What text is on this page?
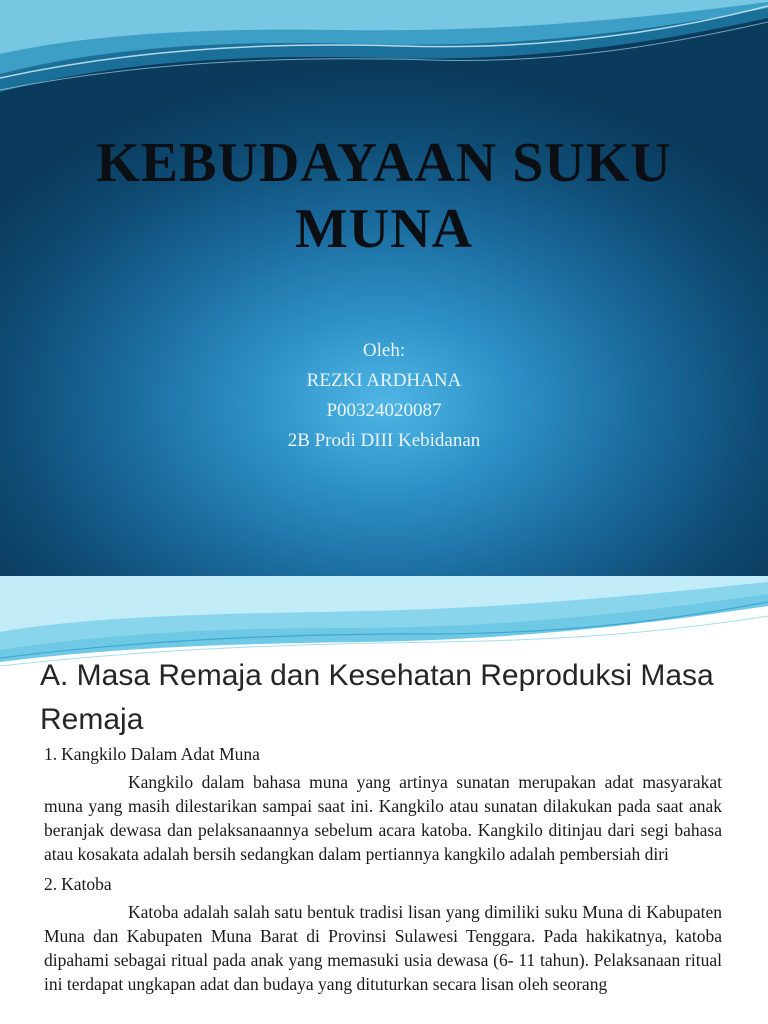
KEBUDAYAAN SUKU
MUNA
Oleh:
REZKI ARDHANA
P00324020087
2B Prodi DIII Kebidanan
A. Masa Remaja dan Kesehatan Reproduksi Masa
Remaja

1. Kangkilo Dalam Adat Muna

Kangkilo dalam bahasa muna yang artinya sunatan merupakan adat masyarakat muna yang masih dilestarikan sampai saat ini. Kangkilo atau sunatan dilakukan pada saat anak beranjak dewasa dan pelaksanaannya sebelum acara katoba. Kangkilo ditinjau dari segi bahasa atau kosakata adalah bersih sedangkan dalam pertiannya kangkilo adalah pembersiah diri

2. Katoba

Katoba adalah salah satu bentuk tradisi lisan yang dimiliki suku Muna di Kabupaten Muna dan Kabupaten Muna Barat di Provinsi Sulawesi Tenggara. Pada hakikatnya, katoba dipahami sebagai ritual pada anak yang memasuki usia dewasa (6- 11 tahun). Pelaksanaan ritual ini terdapat ungkapan adat dan budaya yang dituturkan secara lisan oleh seorang
